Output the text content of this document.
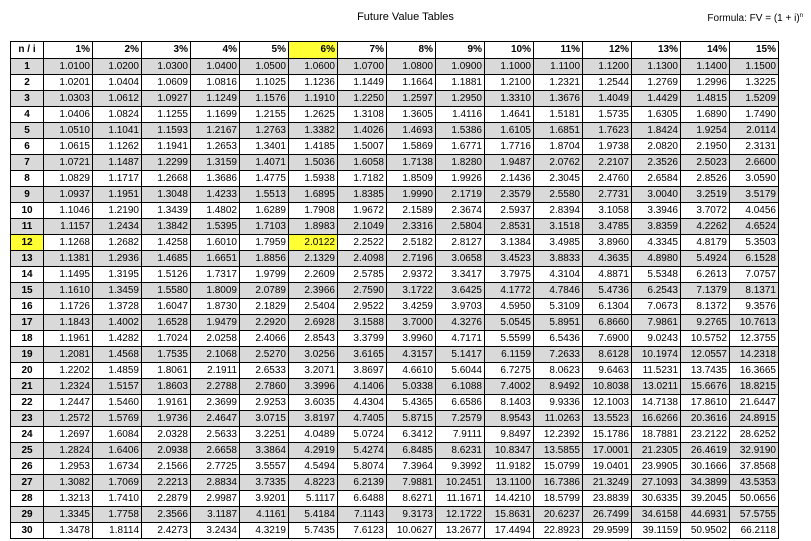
Future Value Tables	Formula: FV = $(1 + i)^n$
n / i	1%	2%	3%	4%	5%	6%	7%	8%	9%	10%	11%	12%	13%	14%	15%
1	1.0100	1.0200	1.0300	1.0400	1.0500	1.0600	1.0700	1.0800	1.0900	1.1000	1.1100	1.1200	1.1300	1.1400	1.1500
2	1.0201	1.0404	1.0609	1.0816	1.1025	1.1236	1.1449	1.1664	1.1881	1.2100	1.2321	1.2544	1.2769	1.2996	1.3225
3	1.0303	1.0612	1.0927	1.1249	1.1576	1.1910	1.2250	1.2597	1.2950	1.3310	1.3676	1.4049	1.4429	1.4815	1.5209
4	1.0406	1.0824	1.1255	1.1699	1.2155	1.2625	1.3108	1.3605	1.4116	1.4641	1.5181	1.5735	1.6305	1.6890	1.7490
5	1.0510	1.1041	1.1593	1.2167	1.2763	1.3382	1.4026	1.4693	1.5386	1.6105	1.6851	1.7623	1.8424	1.9254	2.0114
6	1.0615	1.1262	1.1941	1.2653	1.3401	1.4185	1.5007	1.5869	1.6771	1.7716	1.8704	1.9738	2.0820	2.1950	2.3131
7	1.0721	1.1487	1.2299	1.3159	1.4071	1.5036	1.6058	1.7138	1.8280	1.9487	2.0762	2.2107	2.3526	2.5023	2.6600
8	1.0829	1.1717	1.2668	1.3686	1.4775	1.5938	1.7182	1.8509	1.9926	2.1436	2.3045	2.4760	2.6584	2.8526	3.0590
9	1.0937	1.1951	1.3048	1.4233	1.5513	1.6895	1.8385	1.9990	2.1719	2.3579	2.5580	2.7731	3.0040	3.2519	3.5179
10	1.1046	1.2190	1.3439	1.4802	1.6289	1.7908	1.9672	2.1589	2.3674	2.5937	2.8394	3.1058	3.3946	3.7072	4.0456
11	1.1157	1.2434	1.3842	1.5395	1.7103	1.8983	2.1049	2.3316	2.5804	2.8531	3.1518	3.4785	3.8359	4.2262	4.6524
12	1.1268	1.2682	1.4258	1.6010	1.7959	2.0122	2.2522	2.5182	2.8127	3.1384	3.4985	3.8960	4.3345	4.8179	5.3503
13	1.1381	1.2936	1.4685	1.6651	1.8856	2.1329	2.4098	2.7196	3.0658	3.4523	3.8833	4.3635	4.8980	5.4924	6.1528
14	1.1495	1.3195	1.5126	1.7317	1.9799	2.2609	2.5785	2.9372	3.3417	3.7975	4.3104	4.8871	5.5348	6.2613	7.0757
15	1.1610	1.3459	1.5580	1.8009	2.0789	2.3966	2.7590	3.1722	3.6425	4.1772	4.7846	5.4736	6.2543	7.1379	8.1371
16	1.1726	1.3728	1.6047	1.8730	2.1829	2.5404	2.9522	3.4259	3.9703	4.5950	5.3109	6.1304	7.0673	8.1372	9.3576
17	1.1843	1.4002	1.6528	1.9479	2.2920	2.6928	3.1588	3.7000	4.3276	5.0545	5.8951	6.8660	7.9861	9.2765	10.7613
18	1.1961	1.4282	1.7024	2.0258	2.4066	2.8543	3.3799	3.9960	4.7171	5.5599	6.5436	7.6900	9.0243	10.5752	12.3755
19	1.2081	1.4568	1.7535	2.1068	2.5270	3.0256	3.6165	4.3157	5.1417	6.1159	7.2633	8.6128	10.1974	12.0557	14.2318
20	1.2202	1.4859	1.8061	2.1911	2.6533	3.2071	3.8697	4.6610	5.6044	6.7275	8.0623	9.6463	11.5231	13.7435	16.3665
21	1.2324	1.5157	1.8603	2.2788	2.7860	3.3996	4.1406	5.0338	6.1088	7.4002	8.9492	10.8038	13.0211	15.6676	18.8215
22	1.2447	1.5460	1.9161	2.3699	2.9253	3.6035	4.4304	5.4365	6.6586	8.1403	9.9336	12.1003	14.7138	17.8610	21.6447
23	1.2572	1.5769	1.9736	2.4647	3.0715	3.8197	4.7405	5.8715	7.2579	8.9543	11.0263	13.5523	16.6266	20.3616	24.8915
24	1.2697	1.6084	2.0328	2.5633	3.2251	4.0489	5.0724	6.3412	7.9111	9.8497	12.2392	15.1786	18.7881	23.2122	28.6252
25	1.2824	1.6406	2.0938	2.6658	3.3864	4.2919	5.4274	6.8485	8.6231	10.8347	13.5855	17.0001	21.2305	26.4619	32.9190
26	1.2953	1.6734	2.1566	2.7725	3.5557	4.5494	5.8074	7.3964	9.3992	11.9182	15.0799	19.0401	23.9905	30.1666	37.8568
27	1.3082	1.7069	2.2213	2.8834	3.7335	4.8223	6.2139	7.9881	10.2451	13.1100	16.7386	21.3249	27.1093	34.3899	43.5353
28	1.3213	1.7410	2.2879	2.9987	3.9201	5.1117	6.6488	8.6271	11.1671	14.4210	18.5799	23.8839	30.6335	39.2045	50.0656
29	1.3345	1.7758	2.3566	3.1187	4.1161	5.4184	7.1143	9.3173	12.1722	15.8631	20.6237	26.7499	34.6158	44.6931	57.5755
30	1.3478	1.8114	2.4273	3.2434	4.3219	5.7435	7.6123	10.0627	13.2677	17.4494	22.8923	29.9599	39.1159	50.9502	66.2118
